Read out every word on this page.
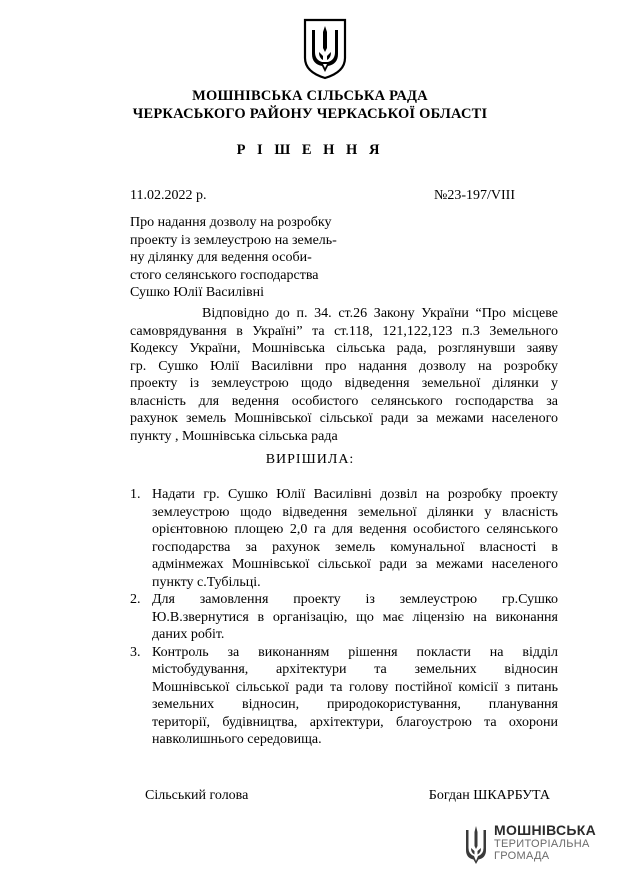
МОШНІВСЬКА СІЛЬСЬКА РАДА
ЧЕРКАСЬКОГО РАЙОНУ ЧЕРКАСЬКОЇ ОБЛАСТІ
Р І Ш Е Н Н Я
11.02.2022 р.	№23-197/VIII
Про надання дозволу на розробку
проекту із землеустрою на земель-
ну ділянку для ведення особи-
стого селянського господарства
Сушко Юлії Василівні
Відповідно до п. 34. ст.26 Закону України “Про місцеве
самоврядування в Україні” та ст.118, 121,122,123 п.3 Земельного
Кодексу України, Мошнівська сільська рада, розглянувши заяву
гр. Сушко Юлії Василівни про надання дозволу на розробку
проекту із землеустрою щодо відведення земельної ділянки у
власність для ведення особистого селянського господарства за
рахунок земель Мошнівської сільської ради за межами населеного
пункту , Мошнівська сільська рада
ВИРІШИЛА:
1. Надати гр. Сушко Юлії Василівні дозвіл на розробку проекту
землеустрою щодо відведення земельної ділянки у власність
орієнтовною площею 2,0 га для ведення особистого селянського
господарства за рахунок земель комунальної власності в
адмінмежах Мошнівської сільської ради за межами населеного
пункту с.Тубільці.
2. Для замовлення проекту із землеустрою гр.Сушко
Ю.В.звернутися в організацію, що має ліцензію на виконання
даних робіт.
3. Контроль за виконанням рішення покласти на відділ
містобудування, архітектури та земельних відносин
Мошнівської сільської ради та голову постійної комісії з питань
земельних відносин, природокористування, планування
території, будівництва, архітектури, благоустрою та охорони
навколишнього середовища.
Сільський голова	Богдан ШКАРБУТА
МОШНІВСЬКА
ТЕРИТОРІАЛЬНА
ГРОМАДА
